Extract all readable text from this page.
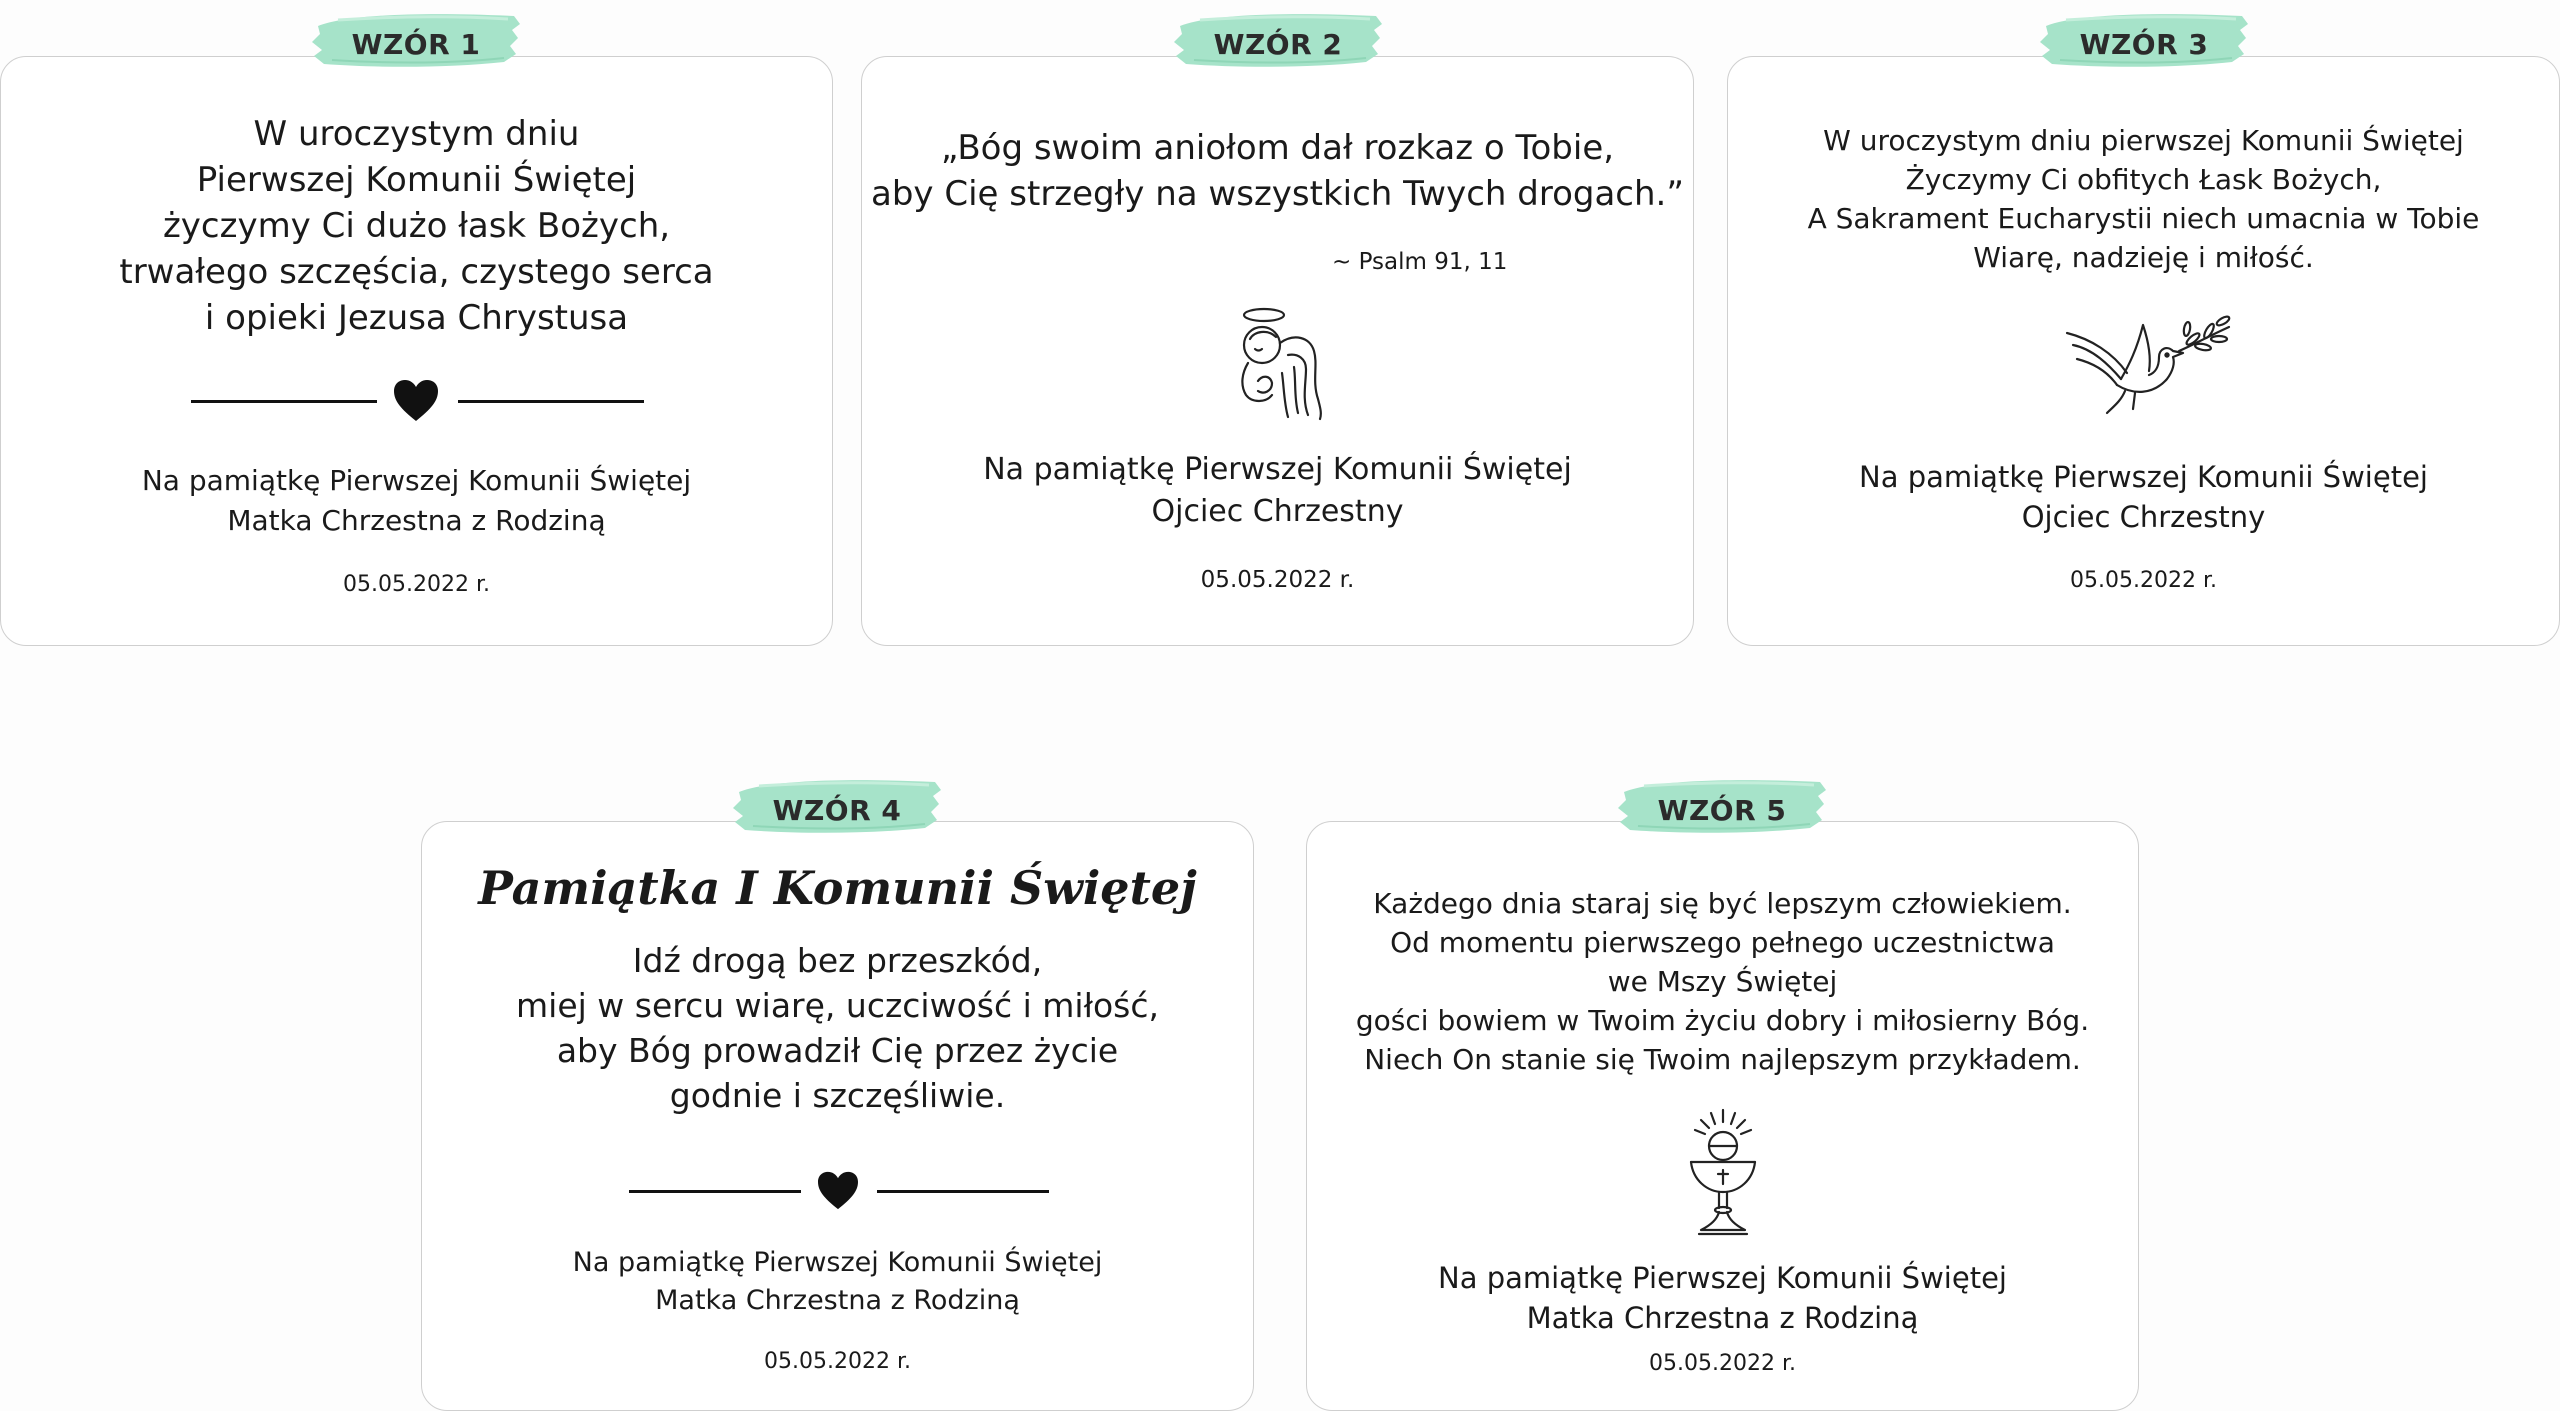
W uroczystym dniu
Pierwszej Komunii Świętej
życzymy Ci dużo łask Bożych,
trwałego szczęścia, czystego serca
i opieki Jezusa Chrystusa

Na pamiątkę Pierwszej Komunii Świętej
Matka Chrzestna z Rodziną

05.05.2022 r.

WZÓR 1

„Bóg swoim aniołom dał rozkaz o Tobie,
aby Cię strzegły na wszystkich Twych drogach.”

~ Psalm 91, 11

Na pamiątkę Pierwszej Komunii Świętej
Ojciec Chrzestny

05.05.2022 r.

WZÓR 2

W uroczystym dniu pierwszej Komunii Świętej
Życzymy Ci obfitych Łask Bożych,
A Sakrament Eucharystii niech umacnia w Tobie
Wiarę, nadzieję i miłość.

Na pamiątkę Pierwszej Komunii Świętej
Ojciec Chrzestny

05.05.2022 r.

WZÓR 3

Pamiątka I Komunii Świętej

Idź drogą bez przeszkód,
miej w sercu wiarę, uczciwość i miłość,
aby Bóg prowadził Cię przez życie
godnie i szczęśliwie.

Na pamiątkę Pierwszej Komunii Świętej
Matka Chrzestna z Rodziną

05.05.2022 r.

WZÓR 4

Każdego dnia staraj się być lepszym człowiekiem.
Od momentu pierwszego pełnego uczestnictwa
we Mszy Świętej
gości bowiem w Twoim życiu dobry i miłosierny Bóg.
Niech On stanie się Twoim najlepszym przykładem.

Na pamiątkę Pierwszej Komunii Świętej
Matka Chrzestna z Rodziną

05.05.2022 r.

WZÓR 5
